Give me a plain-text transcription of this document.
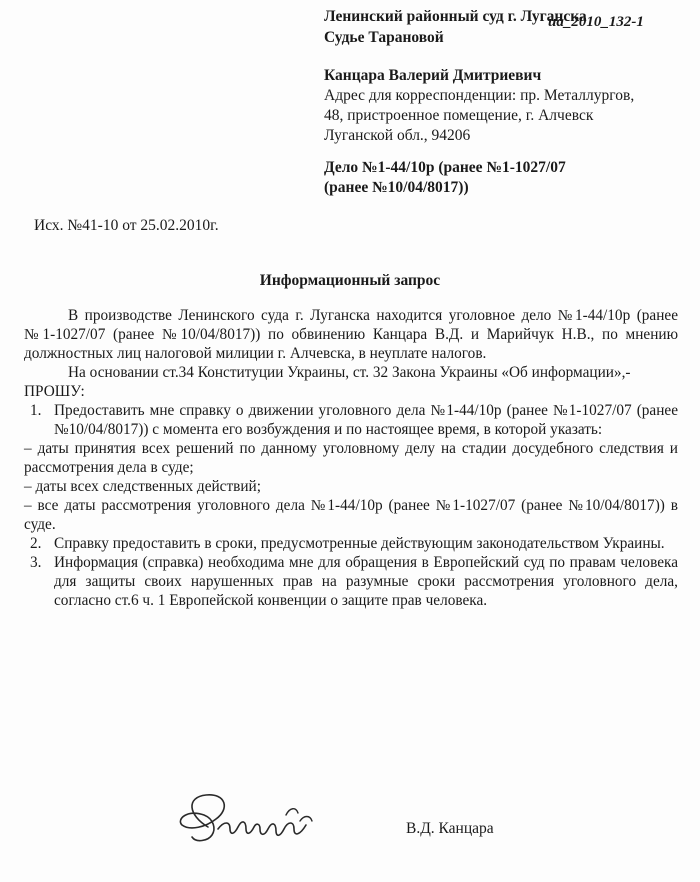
ua_2010_132-1
Ленинский районный суд г. Луганска
Судье Тарановой
Канцара Валерий Дмитриевич
Адрес для корреспонденции: пр. Металлургов,
48, пристроенное помещение, г. Алчевск
Луганской обл., 94206
Дело №1-44/10р (ранее №1-1027/07
(ранее №10/04/8017))
Исх. №41-10 от 25.02.2010г.
Информационный запрос

В производстве Ленинского суда г. Луганска находится уголовное дело №1-44/10р (ранее №1-1027/07 (ранее №10/04/8017)) по обвинению Канцара В.Д. и Марийчук Н.В., по мнению должностных лиц налоговой милиции г. Алчевска, в неуплате налогов.

На основании ст.34 Конституции Украины, ст. 32 Закона Украины «Об информации»,-

ПРОШУ:

1. Предоставить мне справку о движении уголовного дела №1-44/10р (ранее №1-1027/07 (ранее №10/04/8017)) с момента его возбуждения и по настоящее время, в которой указать:

– даты принятия всех решений по данному уголовному делу на стадии досудебного следствия и рассмотрения дела в суде;

– даты всех следственных действий;

– все даты рассмотрения уголовного дела №1-44/10р (ранее №1-1027/07 (ранее №10/04/8017)) в суде.

2. Справку предоставить в сроки, предусмотренные действующим законодательством Украины.
3. Информация (справка) необходима мне для обращения в Европейский суд по правам человека для защиты своих нарушенных прав на разумные сроки рассмотрения уголовного дела, согласно ст.6 ч. 1 Европейской конвенции о защите прав человека.
В.Д. Канцара
